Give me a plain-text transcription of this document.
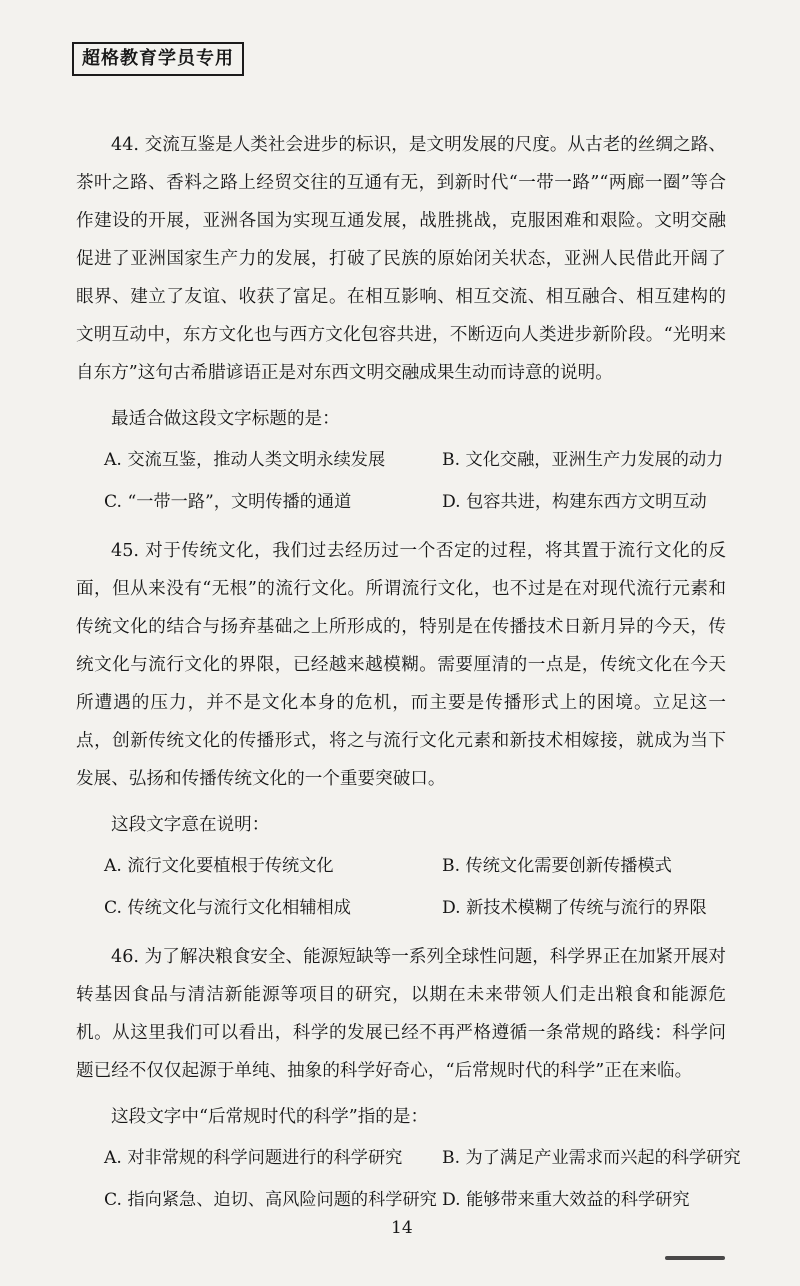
超格教育学员专用

44. 交流互鉴是人类社会进步的标识，是文明发展的尺度。从古老的丝绸之路、茶叶之路、香料之路上经贸交往的互通有无，到新时代“一带一路”“两廊一圈”等合作建设的开展，亚洲各国为实现互通发展，战胜挑战，克服困难和艰险。文明交融促进了亚洲国家生产力的发展，打破了民族的原始闭关状态，亚洲人民借此开阔了眼界、建立了友谊、收获了富足。在相互影响、相互交流、相互融合、相互建构的文明互动中，东方文化也与西方文化包容共进，不断迈向人类进步新阶段。“光明来自东方”这句古希腊谚语正是对东西文明交融成果生动而诗意的说明。

最适合做这段文字标题的是：

A. 交流互鉴，推动人类文明永续发展	B. 文化交融，亚洲生产力发展的动力
C. “一带一路”，文明传播的通道	D. 包容共进，构建东西方文明互动

45. 对于传统文化，我们过去经历过一个否定的过程，将其置于流行文化的反面，但从来没有“无根”的流行文化。所谓流行文化，也不过是在对现代流行元素和传统文化的结合与扬弃基础之上所形成的，特别是在传播技术日新月异的今天，传统文化与流行文化的界限，已经越来越模糊。需要厘清的一点是，传统文化在今天所遭遇的压力，并不是文化本身的危机，而主要是传播形式上的困境。立足这一点，创新传统文化的传播形式，将之与流行文化元素和新技术相嫁接，就成为当下发展、弘扬和传播传统文化的一个重要突破口。

这段文字意在说明：

A. 流行文化要植根于传统文化	B. 传统文化需要创新传播模式
C. 传统文化与流行文化相辅相成	D. 新技术模糊了传统与流行的界限

46. 为了解决粮食安全、能源短缺等一系列全球性问题，科学界正在加紧开展对转基因食品与清洁新能源等项目的研究，以期在未来带领人们走出粮食和能源危机。从这里我们可以看出，科学的发展已经不再严格遵循一条常规的路线：科学问题已经不仅仅起源于单纯、抽象的科学好奇心，“后常规时代的科学”正在来临。

这段文字中“后常规时代的科学”指的是：

A. 对非常规的科学问题进行的科学研究	B. 为了满足产业需求而兴起的科学研究
C. 指向紧急、迫切、高风险问题的科学研究 D. 能够带来重大效益的科学研究
14
